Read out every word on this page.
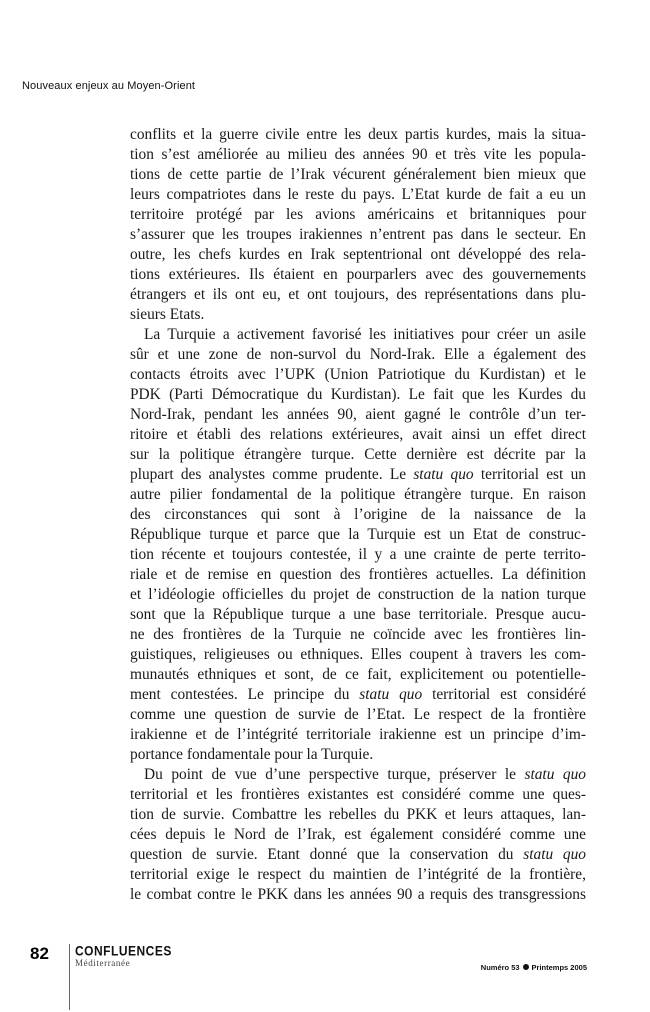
Nouveaux enjeux au Moyen-Orient
conflits et la guerre civile entre les deux partis kurdes, mais la situa-
tion s’est améliorée au milieu des années 90 et très vite les popula-
tions de cette partie de l’Irak vécurent généralement bien mieux que
leurs compatriotes dans le reste du pays. L’Etat kurde de fait a eu un
territoire protégé par les avions américains et britanniques pour
s’assurer que les troupes irakiennes n’entrent pas dans le secteur. En
outre, les chefs kurdes en Irak septentrional ont développé des rela-
tions extérieures. Ils étaient en pourparlers avec des gouvernements
étrangers et ils ont eu, et ont toujours, des représentations dans plu-
sieurs Etats.
La Turquie a activement favorisé les initiatives pour créer un asile
sûr et une zone de non-survol du Nord-Irak. Elle a également des
contacts étroits avec l’UPK (Union Patriotique du Kurdistan) et le
PDK (Parti Démocratique du Kurdistan). Le fait que les Kurdes du
Nord-Irak, pendant les années 90, aient gagné le contrôle d’un ter-
ritoire et établi des relations extérieures, avait ainsi un effet direct
sur la politique étrangère turque. Cette dernière est décrite par la
plupart des analystes comme prudente. Le statu quo territorial est un
autre pilier fondamental de la politique étrangère turque. En raison
des circonstances qui sont à l’origine de la naissance de la
République turque et parce que la Turquie est un Etat de construc-
tion récente et toujours contestée, il y a une crainte de perte territo-
riale et de remise en question des frontières actuelles. La définition
et l’idéologie officielles du projet de construction de la nation turque
sont que la République turque a une base territoriale. Presque aucu-
ne des frontières de la Turquie ne coïncide avec les frontières lin-
guistiques, religieuses ou ethniques. Elles coupent à travers les com-
munautés ethniques et sont, de ce fait, explicitement ou potentielle-
ment contestées. Le principe du statu quo territorial est considéré
comme une question de survie de l’Etat. Le respect de la frontière
irakienne et de l’intégrité territoriale irakienne est un principe d’im-
portance fondamentale pour la Turquie.
Du point de vue d’une perspective turque, préserver le statu quo
territorial et les frontières existantes est considéré comme une ques-
tion de survie. Combattre les rebelles du PKK et leurs attaques, lan-
cées depuis le Nord de l’Irak, est également considéré comme une
question de survie. Etant donné que la conservation du statu quo
territorial exige le respect du maintien de l’intégrité de la frontière,
le combat contre le PKK dans les années 90 a requis des transgressions
82 CONFLUENCES
Méditerranée	Numéro 53 Printemps 2005
